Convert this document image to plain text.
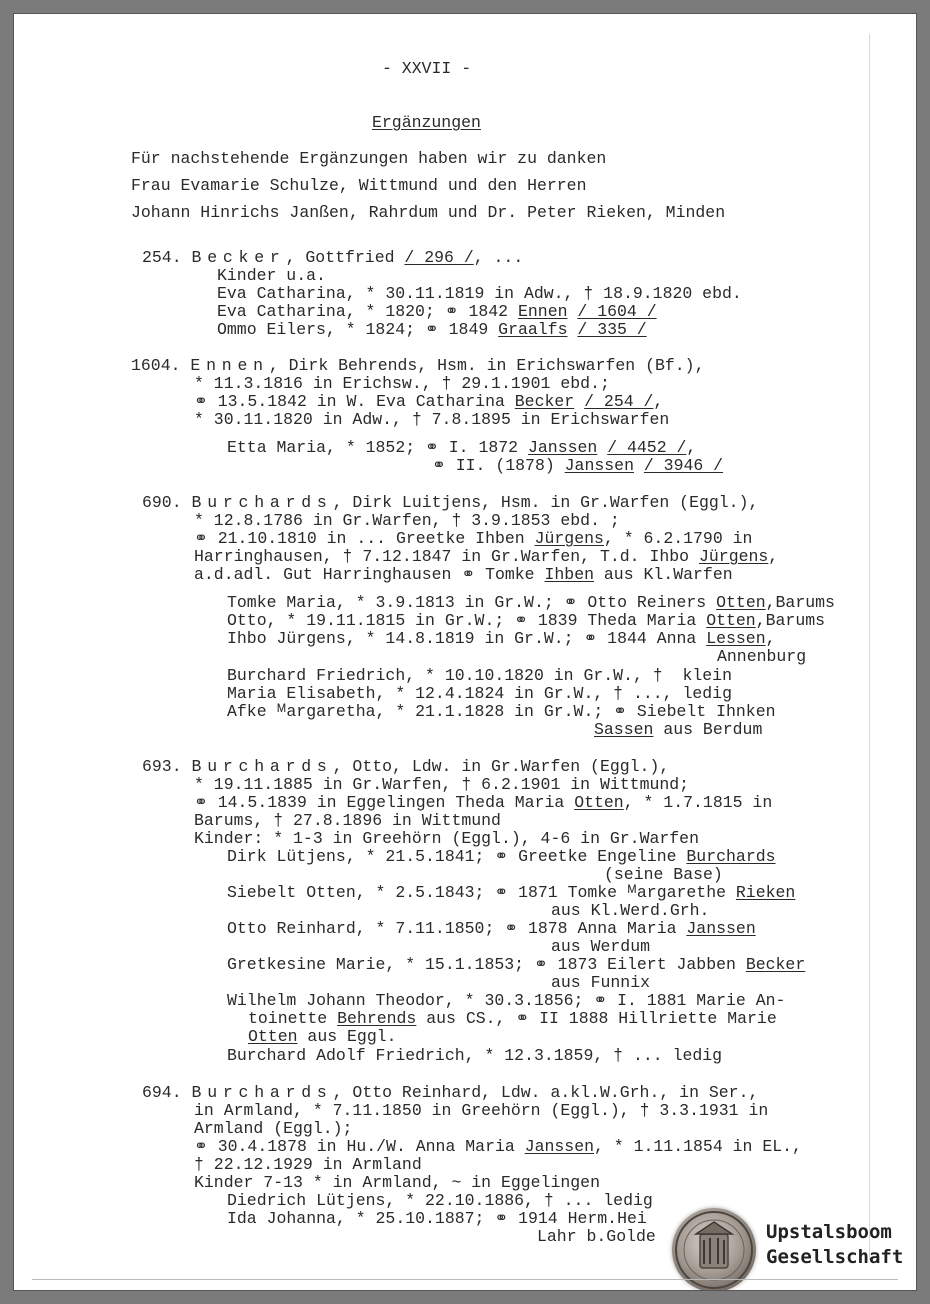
- XXVII -
Ergänzungen
Für nachstehende Ergänzungen haben wir zu danken
Frau Evamarie Schulze, Wittmund und den Herren
Johann Hinrichs Janßen, Rahrdum und Dr. Peter Rieken, Minden
254. Becker, Gottfried / 296 /, ...
Kinder u.a.
Eva Catharina, * 30.11.1819 in Adw., † 18.9.1820 ebd.
Eva Catharina, * 1820; ⚭ 1842 Ennen / 1604 /
Ommo Eilers, * 1824; ⚭ 1849 Graalfs / 335 /
1604. Ennen, Dirk Behrends, Hsm. in Erichswarfen (Bf.),
* 11.3.1816 in Erichsw., † 29.1.1901 ebd.;
⚭ 13.5.1842 in W. Eva Catharina Becker / 254 /,
* 30.11.1820 in Adw., † 7.8.1895 in Erichswarfen
Etta Maria, * 1852; ⚭ I. 1872 Janssen / 4452 /,
⚭ II. (1878) Janssen / 3946 /
690. Burchards, Dirk Luitjens, Hsm. in Gr.Warfen (Eggl.),
* 12.8.1786 in Gr.Warfen, † 3.9.1853 ebd. ;
⚭ 21.10.1810 in ... Greetke Ihben Jürgens, * 6.2.1790 in
Harringhausen, † 7.12.1847 in Gr.Warfen, T.d. Ihbo Jürgens,
a.d.adl. Gut Harringhausen ⚭ Tomke Ihben aus Kl.Warfen
Tomke Maria, * 3.9.1813 in Gr.W.; ⚭ Otto Reiners Otten,Barums
Otto, * 19.11.1815 in Gr.W.; ⚭ 1839 Theda Maria Otten,Barums
Ihbo Jürgens, * 14.8.1819 in Gr.W.; ⚭ 1844 Anna Lessen,
Annenburg
Burchard Friedrich, * 10.10.1820 in Gr.W., †  klein
Maria Elisabeth, * 12.4.1824 in Gr.W., † ..., ledig
Afke ᴹargaretha, * 21.1.1828 in Gr.W.; ⚭ Siebelt Ihnken
Sassen aus Berdum
693. Burchards, Otto, Ldw. in Gr.Warfen (Eggl.),
* 19.11.1885 in Gr.Warfen, † 6.2.1901 in Wittmund;
⚭ 14.5.1839 in Eggelingen Theda Maria Otten, * 1.7.1815 in
Barums, † 27.8.1896 in Wittmund
Kinder: * 1-3 in Greehörn (Eggl.), 4-6 in Gr.Warfen
Dirk Lütjens, * 21.5.1841; ⚭ Greetke Engeline Burchards
(seine Base)
Siebelt Otten, * 2.5.1843; ⚭ 1871 Tomke ᴹargarethe Rieken
aus Kl.Werd.Grh.
Otto Reinhard, * 7.11.1850; ⚭ 1878 Anna Maria Janssen
aus Werdum
Gretkesine Marie, * 15.1.1853; ⚭ 1873 Eilert Jabben Becker
aus Funnix
Wilhelm Johann Theodor, * 30.3.1856; ⚭ I. 1881 Marie An-
toinette Behrends aus CS., ⚭ II 1888 Hillriette Marie
Otten aus Eggl.
Burchard Adolf Friedrich, * 12.3.1859, † ... ledig
694. Burchards, Otto Reinhard, Ldw. a.kl.W.Grh., in Ser.,
in Armland, * 7.11.1850 in Greehörn (Eggl.), † 3.3.1931 in
Armland (Eggl.);
⚭ 30.4.1878 in Hu./W. Anna Maria Janssen, * 1.11.1854 in EL.,
† 22.12.1929 in Armland
Kinder 7-13 * in Armland, ~ in Eggelingen
Diedrich Lütjens, * 22.10.1886, † ... ledig
Ida Johanna, * 25.10.1887; ⚭ 1914 Herm.Hei
Lahr b.Golde	Upstalsboom
Gesellschaft
